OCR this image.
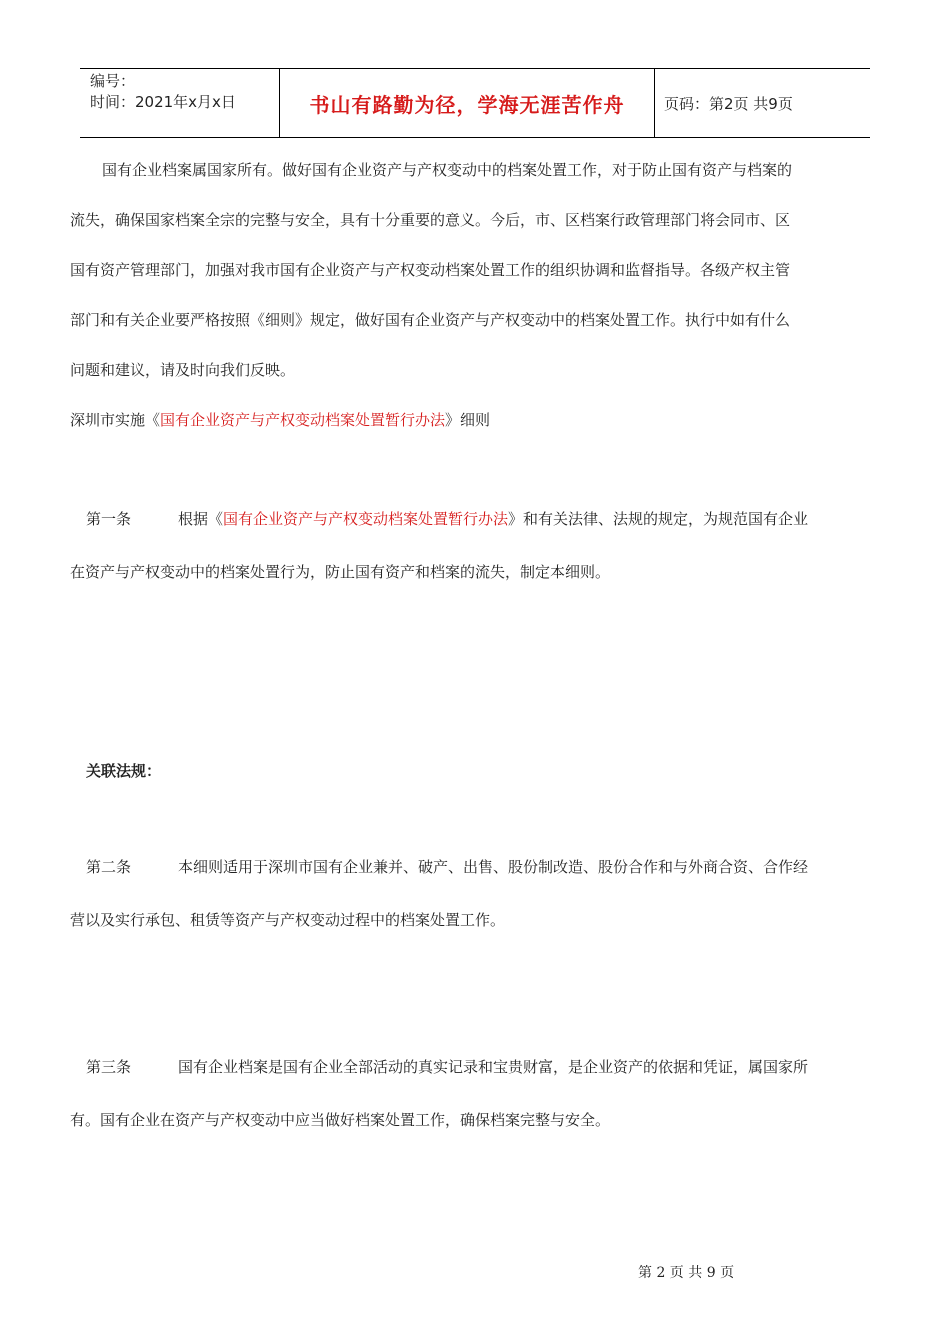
编号：
时间：2021年x月x日	书山有路勤为径，学海无涯苦作舟	页码：第2页 共9页
国有企业档案属国家所有。做好国有企业资产与产权变动中的档案处置工作，对于防止国有资产与档案的
流失，确保国家档案全宗的完整与安全，具有十分重要的意义。今后，市、区档案行政管理部门将会同市、区
国有资产管理部门，加强对我市国有企业资产与产权变动档案处置工作的组织协调和监督指导。各级产权主管
部门和有关企业要严格按照《细则》规定，做好国有企业资产与产权变动中的档案处置工作。执行中如有什么
问题和建议，请及时向我们反映。
深圳市实施《国有企业资产与产权变动档案处置暂行办法》细则
第一条	根据《国有企业资产与产权变动档案处置暂行办法》和有关法律、法规的规定，为规范国有企业
在资产与产权变动中的档案处置行为，防止国有资产和档案的流失，制定本细则。
关联法规：
第二条	本细则适用于深圳市国有企业兼并、破产、出售、股份制改造、股份合作和与外商合资、合作经
营以及实行承包、租赁等资产与产权变动过程中的档案处置工作。
第三条	国有企业档案是国有企业全部活动的真实记录和宝贵财富，是企业资产的依据和凭证，属国家所
有。国有企业在资产与产权变动中应当做好档案处置工作，确保档案完整与安全。
第 2 页 共 9 页
